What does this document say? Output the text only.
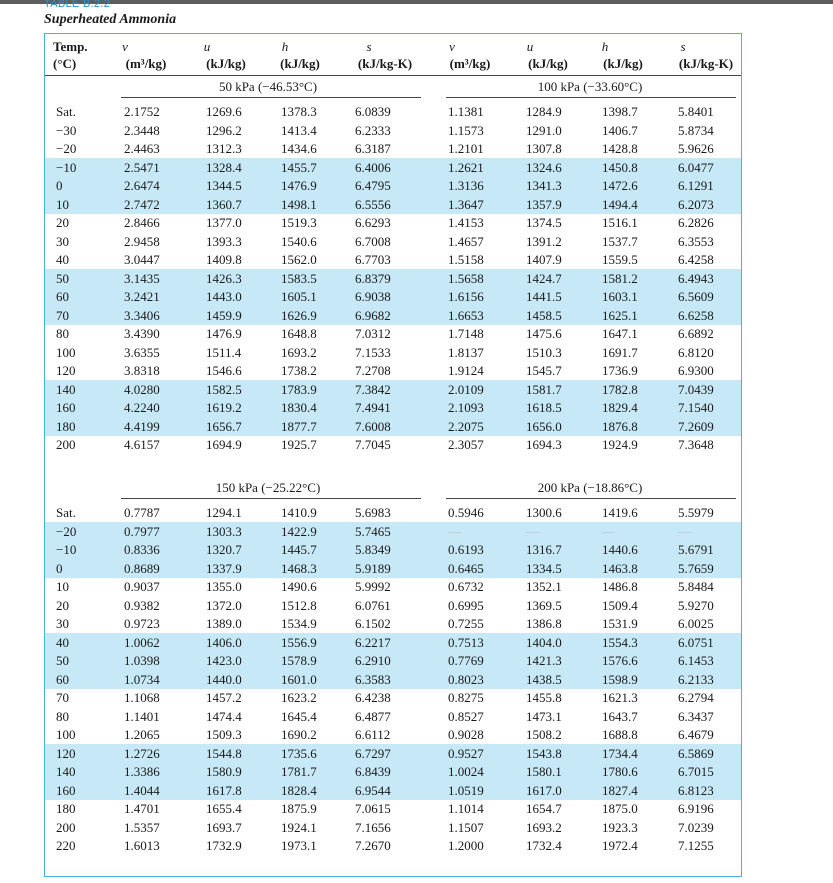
TABLE B.2.2
Superheated Ammonia
Temp.
(°C)
v	u	h	s	v	u	h	s
(m³/kg)	(kJ/kg)	(kJ/kg)	(kJ/kg-K)	(m³/kg)	(kJ/kg)	(kJ/kg)	(kJ/kg-K)
50 kPa (−46.53°C)	100 kPa (−33.60°C)
Sat.	2.1752	1269.6	1378.3	6.0839	1.1381	1284.9	1398.7	5.8401
−30	2.3448	1296.2	1413.4	6.2333	1.1573	1291.0	1406.7	5.8734
−20	2.4463	1312.3	1434.6	6.3187	1.2101	1307.8	1428.8	5.9626
−10	2.5471	1328.4	1455.7	6.4006	1.2621	1324.6	1450.8	6.0477
0	2.6474	1344.5	1476.9	6.4795	1.3136	1341.3	1472.6	6.1291
10	2.7472	1360.7	1498.1	6.5556	1.3647	1357.9	1494.4	6.2073
20	2.8466	1377.0	1519.3	6.6293	1.4153	1374.5	1516.1	6.2826
30	2.9458	1393.3	1540.6	6.7008	1.4657	1391.2	1537.7	6.3553
40	3.0447	1409.8	1562.0	6.7703	1.5158	1407.9	1559.5	6.4258
50	3.1435	1426.3	1583.5	6.8379	1.5658	1424.7	1581.2	6.4943
60	3.2421	1443.0	1605.1	6.9038	1.6156	1441.5	1603.1	6.5609
70	3.3406	1459.9	1626.9	6.9682	1.6653	1458.5	1625.1	6.6258
80	3.4390	1476.9	1648.8	7.0312	1.7148	1475.6	1647.1	6.6892
100	3.6355	1511.4	1693.2	7.1533	1.8137	1510.3	1691.7	6.8120
120	3.8318	1546.6	1738.2	7.2708	1.9124	1545.7	1736.9	6.9300
140	4.0280	1582.5	1783.9	7.3842	2.0109	1581.7	1782.8	7.0439
160	4.2240	1619.2	1830.4	7.4941	2.1093	1618.5	1829.4	7.1540
180	4.4199	1656.7	1877.7	7.6008	2.2075	1656.0	1876.8	7.2609
200	4.6157	1694.9	1925.7	7.7045	2.3057	1694.3	1924.9	7.3648
150 kPa (−25.22°C)	200 kPa (−18.86°C)
Sat.	0.7787	1294.1	1410.9	5.6983	0.5946	1300.6	1419.6	5.5979
−20	0.7977	1303.3	1422.9	5.7465	—	—	—	—
−10	0.8336	1320.7	1445.7	5.8349	0.6193	1316.7	1440.6	5.6791
0	0.8689	1337.9	1468.3	5.9189	0.6465	1334.5	1463.8	5.7659
10	0.9037	1355.0	1490.6	5.9992	0.6732	1352.1	1486.8	5.8484
20	0.9382	1372.0	1512.8	6.0761	0.6995	1369.5	1509.4	5.9270
30	0.9723	1389.0	1534.9	6.1502	0.7255	1386.8	1531.9	6.0025
40	1.0062	1406.0	1556.9	6.2217	0.7513	1404.0	1554.3	6.0751
50	1.0398	1423.0	1578.9	6.2910	0.7769	1421.3	1576.6	6.1453
60	1.0734	1440.0	1601.0	6.3583	0.8023	1438.5	1598.9	6.2133
70	1.1068	1457.2	1623.2	6.4238	0.8275	1455.8	1621.3	6.2794
80	1.1401	1474.4	1645.4	6.4877	0.8527	1473.1	1643.7	6.3437
100	1.2065	1509.3	1690.2	6.6112	0.9028	1508.2	1688.8	6.4679
120	1.2726	1544.8	1735.6	6.7297	0.9527	1543.8	1734.4	6.5869
140	1.3386	1580.9	1781.7	6.8439	1.0024	1580.1	1780.6	6.7015
160	1.4044	1617.8	1828.4	6.9544	1.0519	1617.0	1827.4	6.8123
180	1.4701	1655.4	1875.9	7.0615	1.1014	1654.7	1875.0	6.9196
200	1.5357	1693.7	1924.1	7.1656	1.1507	1693.2	1923.3	7.0239
220	1.6013	1732.9	1973.1	7.2670	1.2000	1732.4	1972.4	7.1255
